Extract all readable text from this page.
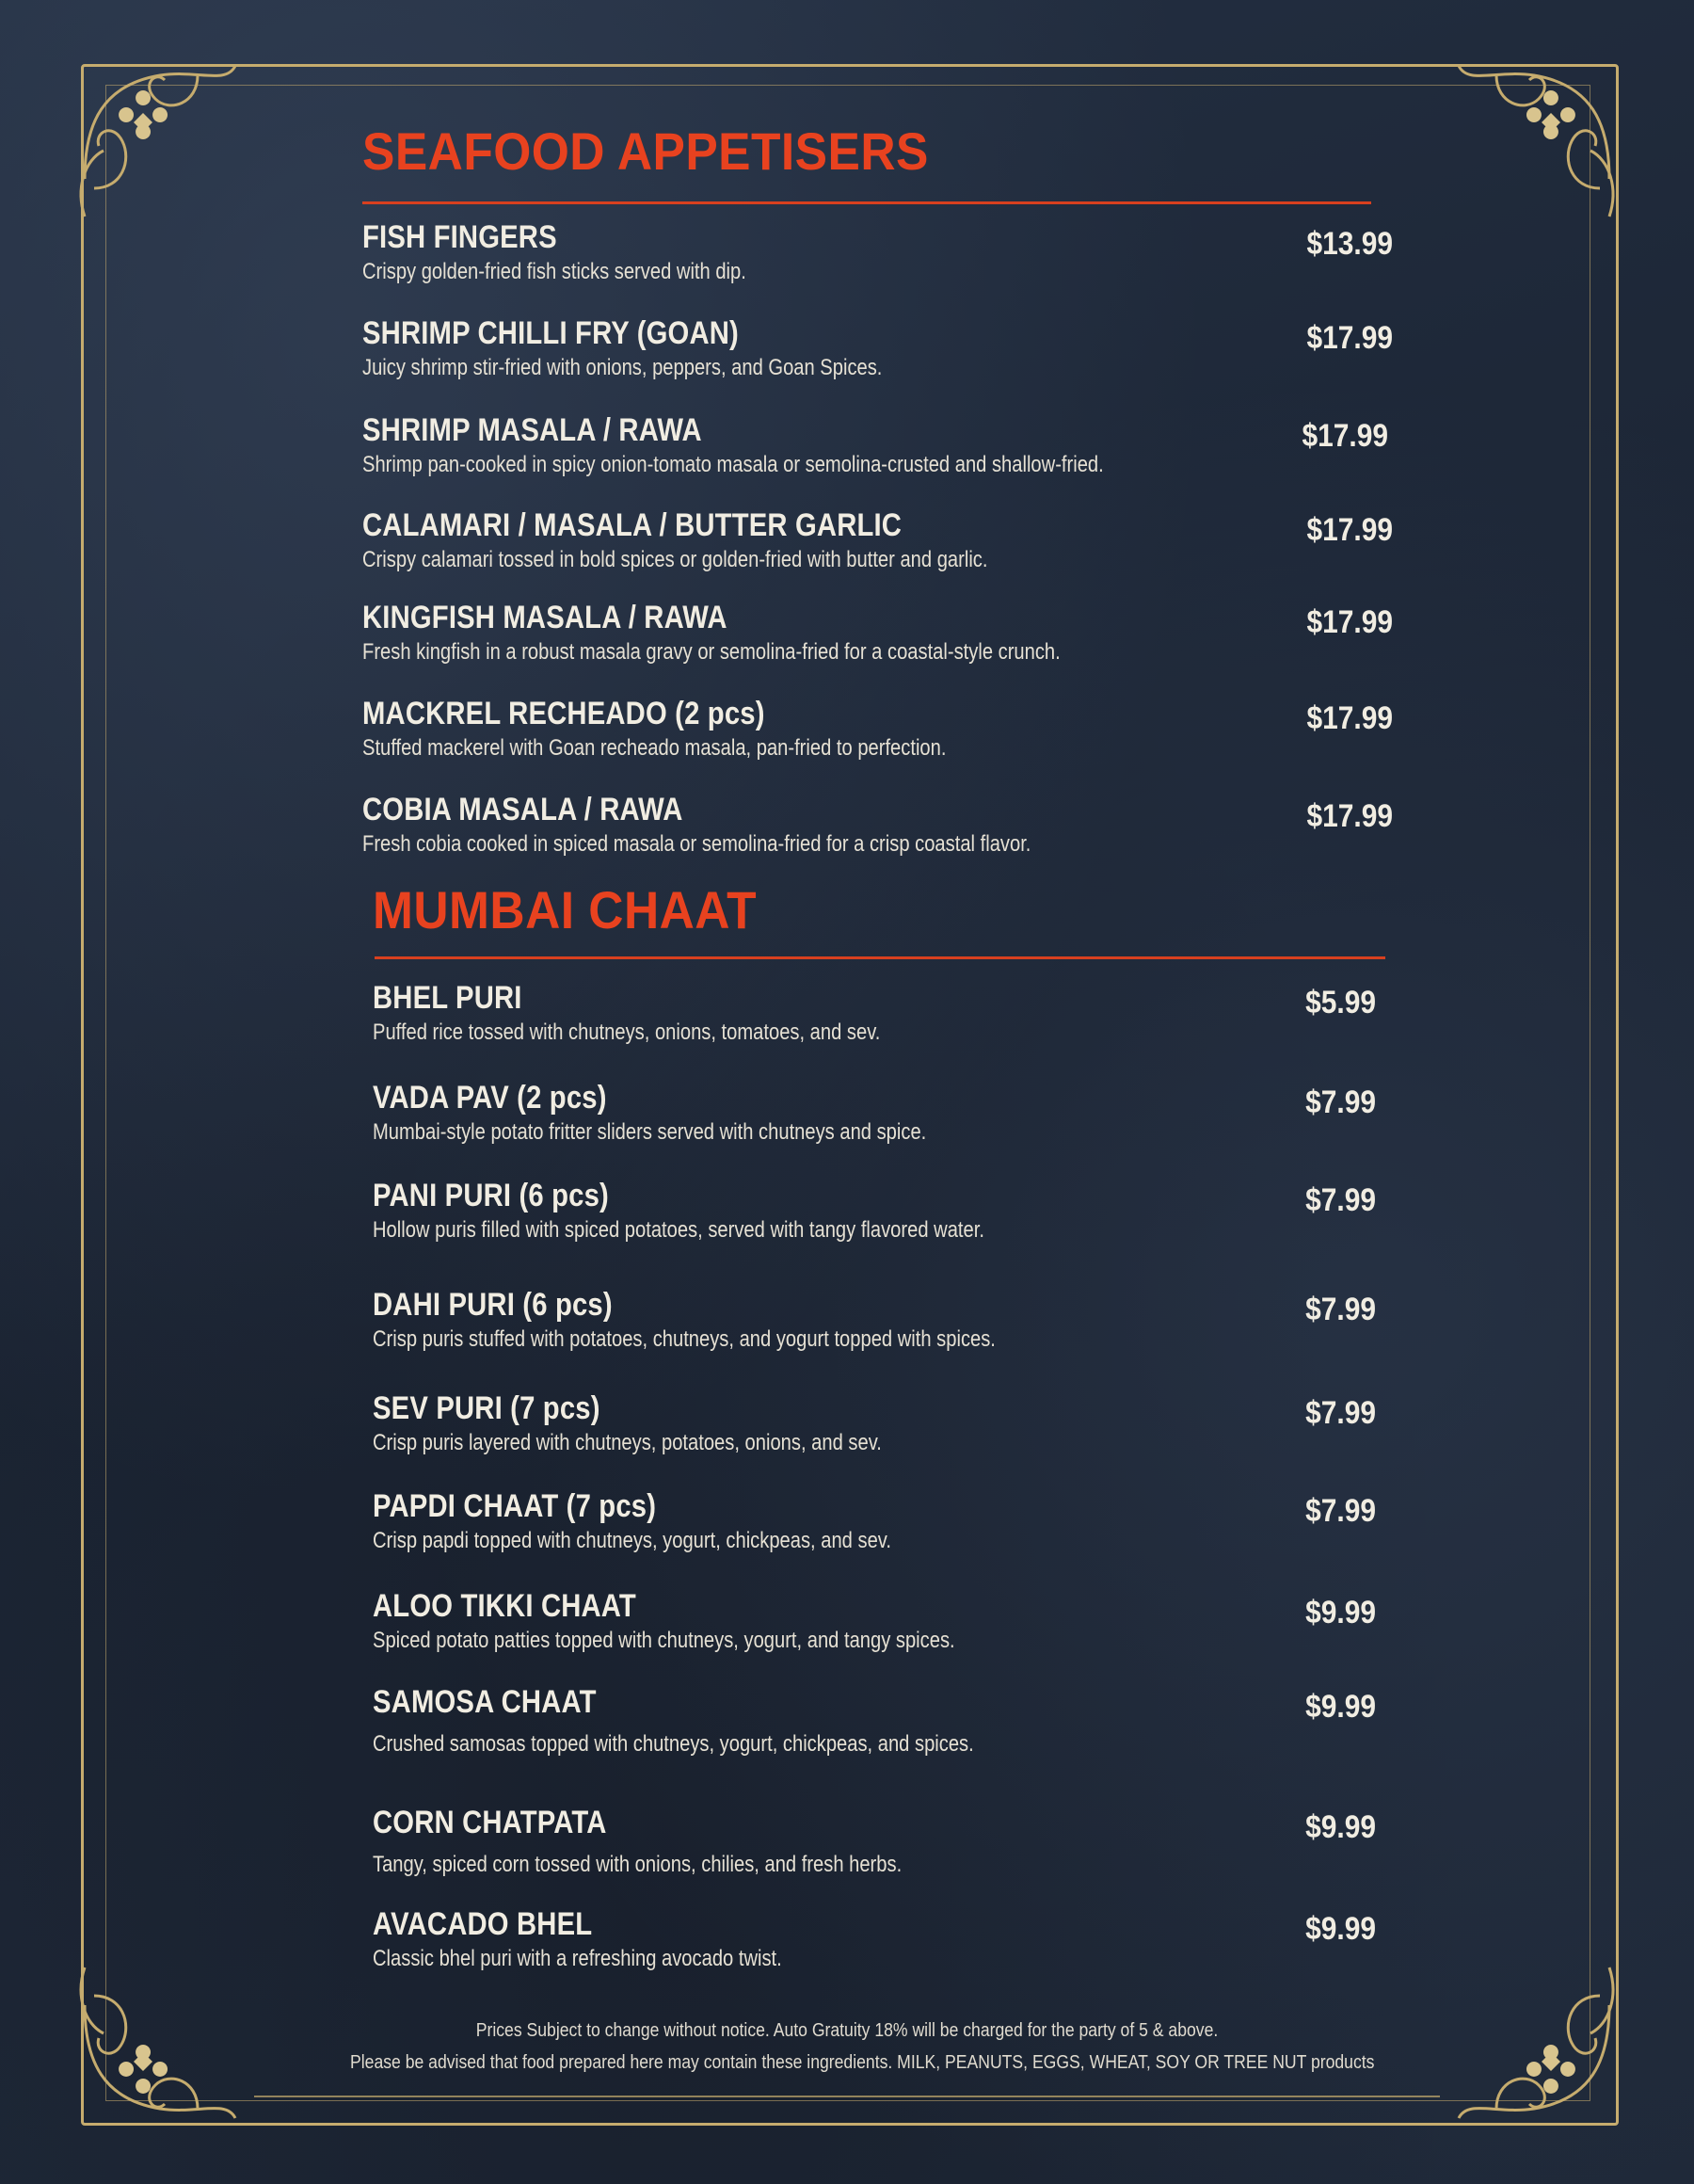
SEAFOOD APPETISERS
FISH FINGERS
Crispy golden-fried fish sticks served with dip.
$13.99
SHRIMP CHILLI FRY (GOAN)
Juicy shrimp stir-fried with onions, peppers, and Goan Spices.
$17.99
SHRIMP MASALA / RAWA
Shrimp pan-cooked in spicy onion-tomato masala or semolina-crusted and shallow-fried.
$17.99
CALAMARI / MASALA / BUTTER GARLIC
Crispy calamari tossed in bold spices or golden-fried with butter and garlic.
$17.99
KINGFISH MASALA / RAWA
Fresh kingfish in a robust masala gravy or semolina-fried for a coastal-style crunch.
$17.99
MACKREL RECHEADO (2 pcs)
Stuffed mackerel with Goan recheado masala, pan-fried to perfection.
$17.99
COBIA MASALA / RAWA
Fresh cobia cooked in spiced masala or semolina-fried for a crisp coastal flavor.
$17.99
MUMBAI CHAAT
BHEL PURI
Puffed rice tossed with chutneys, onions, tomatoes, and sev.
$5.99
VADA PAV (2 pcs)
Mumbai-style potato fritter sliders served with chutneys and spice.
$7.99
PANI PURI (6 pcs)
Hollow puris filled with spiced potatoes, served with tangy flavored water.
$7.99
DAHI PURI (6 pcs)
Crisp puris stuffed with potatoes, chutneys, and yogurt topped with spices.
$7.99
SEV PURI (7 pcs)
Crisp puris layered with chutneys, potatoes, onions, and sev.
$7.99
PAPDI CHAAT (7 pcs)
Crisp papdi topped with chutneys, yogurt, chickpeas, and sev.
$7.99
ALOO TIKKI CHAAT
Spiced potato patties topped with chutneys, yogurt, and tangy spices.
$9.99
SAMOSA CHAAT
Crushed samosas topped with chutneys, yogurt, chickpeas, and spices.
$9.99
CORN CHATPATA
Tangy, spiced corn tossed with onions, chilies, and fresh herbs.
$9.99
AVACADO BHEL
Classic bhel puri with a refreshing avocado twist.
$9.99
Prices Subject to change without notice. Auto Gratuity 18% will be charged for the party of 5 & above.
Please be advised that food prepared here may contain these ingredients. MILK, PEANUTS, EGGS, WHEAT, SOY OR TREE NUT products
